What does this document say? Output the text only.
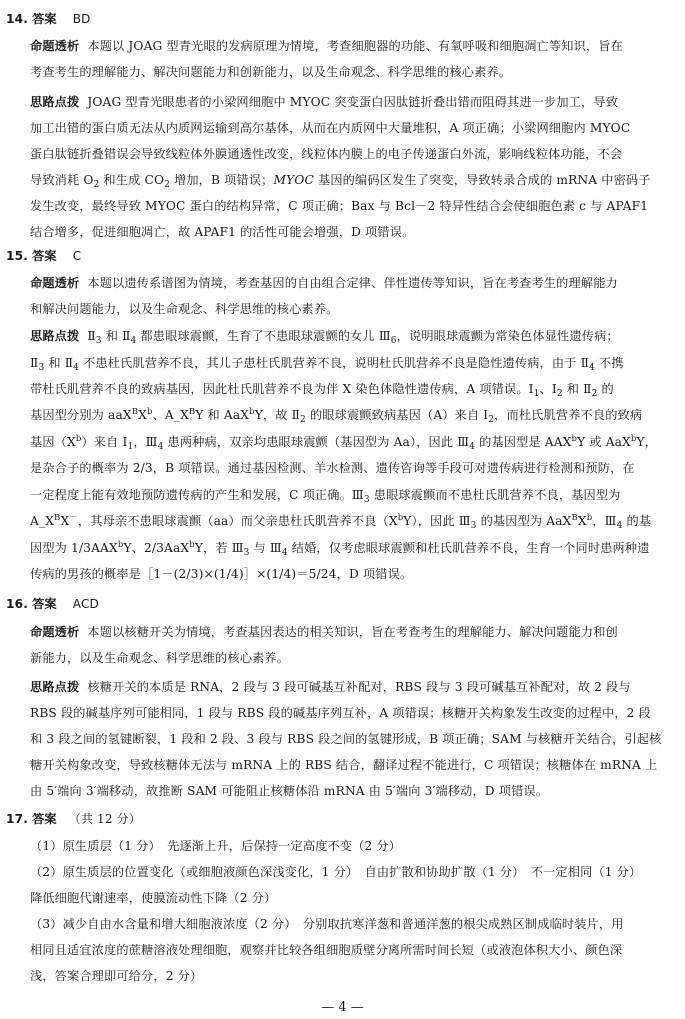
14. 答案 BD
命题透析 本题以 JOAG 型青光眼的发病原理为情境，考查细胞器的功能、有氧呼吸和细胞凋亡等知识，旨在
考查考生的理解能力、解决问题能力和创新能力，以及生命观念、科学思维的核心素养。
思路点拨 JOAG 型青光眼患者的小梁网细胞中 MYOC 突变蛋白因肽链折叠出错而阻碍其进一步加工，导致
加工出错的蛋白质无法从内质网运输到高尔基体，从而在内质网中大量堆积，A 项正确；小梁网细胞内 MYOC
蛋白肽链折叠错误会导致线粒体外膜通透性改变，线粒体内膜上的电子传递蛋白外流，影响线粒体功能，不会
导致消耗 $O_2$ 和生成 $CO_2$ 增加，B 项错误；MYOC 基因的编码区发生了突变，导致转录合成的 mRNA 中密码子
发生改变，最终导致 MYOC 蛋白的结构异常，C 项正确；Bax 与 Bcl－2 特异性结合会使细胞色素 c 与 APAF1
结合增多，促进细胞凋亡，故 APAF1 的活性可能会增强，D 项错误。
15. 答案 C
命题透析 本题以遗传系谱图为情境，考查基因的自由组合定律、伴性遗传等知识，旨在考查考生的理解能力
和解决问题能力，以及生命观念、科学思维的核心素养。
思路点拨 $Ⅱ_3$ 和 $Ⅱ_4$ 都患眼球震颤，生育了不患眼球震颤的女儿 $Ⅲ_6$，说明眼球震颤为常染色体显性遗传病；
$Ⅱ_3$ 和 $Ⅱ_4$ 不患杜氏肌营养不良，其儿子患杜氏肌营养不良，说明杜氏肌营养不良是隐性遗传病，由于 $Ⅱ_4$ 不携
带杜氏肌营养不良的致病基因，因此杜氏肌营养不良为伴 X 染色体隐性遗传病，A 项错误。$Ⅰ_1$、$Ⅰ_2$ 和 $Ⅱ_2$ 的
基因型分别为 $aaX^BX^b$、$A\_X^BY$ 和 AaX$^b$Y，故 $Ⅱ_2$ 的眼球震颤致病基因（A）来自 $Ⅰ_2$，而杜氏肌营养不良的致病
基因$(X^b)$来自 $Ⅰ_1$，$Ⅲ_4$ 患两种病，双亲均患眼球震颤（基因型为 Aa），因此 $Ⅲ_4$ 的基因型是 AAX$^b$Y 或 AaX$^b$Y，
是杂合子的概率为 2/3，B 项错误。通过基因检测、羊水检测、遗传咨询等手段可对遗传病进行检测和预防，在
一定程度上能有效地预防遗传病的产生和发展，C 项正确。$Ⅲ_3$ 患眼球震颤而不患杜氏肌营养不良，基因型为
$A\_X^BX^-$，其母亲不患眼球震颤（aa）而父亲患杜氏肌营养不良$(X^bY)$，因此 $Ⅲ_3$ 的基因型为 $AaX^BX^b$，$Ⅲ_4$ 的基
因型为 1/3AAX$^b$Y、2/3AaX$^b$Y，若 $Ⅲ_3$ 与 $Ⅲ_4$ 结婚，仅考虑眼球震颤和杜氏肌营养不良，生育一个同时患两种遗
传病的男孩的概率是［1－(2/3)×(1/4)］×(1/4)＝5/24，D 项错误。
16. 答案 ACD
命题透析 本题以核糖开关为情境，考查基因表达的相关知识，旨在考查考生的理解能力、解决问题能力和创
新能力，以及生命观念、科学思维的核心素养。
思路点拨 核糖开关的本质是 RNA，2 段与 3 段可碱基互补配对，RBS 段与 3 段可碱基互补配对，故 2 段与
RBS 段的碱基序列可能相同，1 段与 RBS 段的碱基序列互补，A 项错误；核糖开关构象发生改变的过程中，2 段
和 3 段之间的氢键断裂，1 段和 2 段、3 段与 RBS 段之间的氢键形成，B 项正确；SAM 与核糖开关结合，引起核
糖开关构象改变，导致核糖体无法与 mRNA 上的 RBS 结合，翻译过程不能进行，C 项错误；核糖体在 mRNA 上
由 5′端向 3′端移动，故推断 SAM 可能阻止核糖体沿 mRNA 由 5′端向 3′端移动，D 项错误。
17. 答案 （共 12 分）
（1）原生质层（1 分）　先逐渐上升，后保持一定高度不变（2 分）
（2）原生质层的位置变化（或细胞液颜色深浅变化，1 分）　自由扩散和协助扩散（1 分）　不一定相同（1 分）
降低细胞代谢速率，使膜流动性下降（2 分）
（3）减少自由水含量和增大细胞液浓度（2 分）　分别取抗寒洋葱和普通洋葱的根尖成熟区制成临时装片，用
相同且适宜浓度的蔗糖溶液处理细胞，观察并比较各组细胞质壁分离所需时间长短（或液泡体积大小、颜色深
浅，答案合理即可给分，2 分）
— 4 —
